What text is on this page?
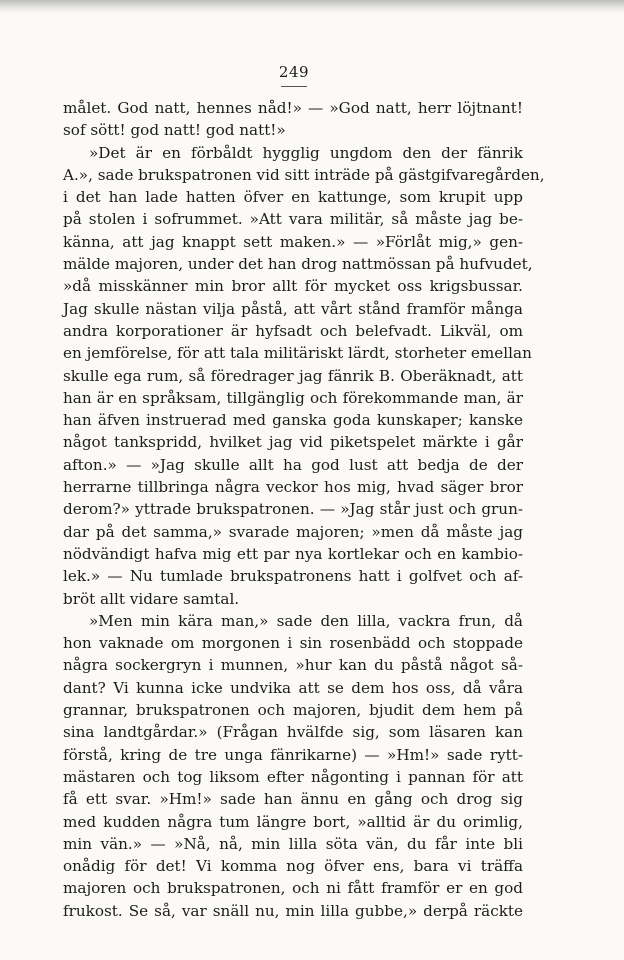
249
målet. God natt, hennes nåd!» — »God natt, herr löjtnant!
sof sött! god natt! god natt!»
»Det är en förbåldt hygglig ungdom den der fänrik
A.», sade brukspatronen vid sitt inträde på gästgifvaregården,
i det han lade hatten öfver en kattunge, som krupit upp
på stolen i sofrummet. »Att vara militär, så måste jag be-
känna, att jag knappt sett maken.» — »Förlåt mig,» gen-
mälde majoren, under det han drog nattmössan på hufvudet,
»då misskänner min bror allt för mycket oss krigsbussar.
Jag skulle nästan vilja påstå, att vårt stånd framför många
andra korporationer är hyfsadt och belefvadt. Likväl, om
en jemförelse, för att tala militäriskt lärdt, storheter emellan
skulle ega rum, så föredrager jag fänrik B. Oberäknadt, att
han är en språksam, tillgänglig och förekommande man, är
han äfven instruerad med ganska goda kunskaper; kanske
något tankspridd, hvilket jag vid piketspelet märkte i går
afton.» — »Jag skulle allt ha god lust att bedja de der
herrarne tillbringa några veckor hos mig, hvad säger bror
derom?» yttrade brukspatronen. — »Jag står just och grun-
dar på det samma,» svarade majoren; »men då måste jag
nödvändigt hafva mig ett par nya kortlekar och en kambio-
lek.» — Nu tumlade brukspatronens hatt i golfvet och af-
bröt allt vidare samtal.
»Men min kära man,» sade den lilla, vackra frun, då
hon vaknade om morgonen i sin rosenbädd och stoppade
några sockergryn i munnen, »hur kan du påstå något så-
dant? Vi kunna icke undvika att se dem hos oss, då våra
grannar, brukspatronen och majoren, bjudit dem hem på
sina landtgårdar.» (Frågan hvälfde sig, som läsaren kan
förstå, kring de tre unga fänrikarne) — »Hm!» sade rytt-
mästaren och tog liksom efter någonting i pannan för att
få ett svar. »Hm!» sade han ännu en gång och drog sig
med kudden några tum längre bort, »alltid är du orimlig,
min vän.» — »Nå, nå, min lilla söta vän, du får inte bli
onådig för det! Vi komma nog öfver ens, bara vi träffa
majoren och brukspatronen, och ni fått framför er en god
frukost. Se så, var snäll nu, min lilla gubbe,» derpå räckte
